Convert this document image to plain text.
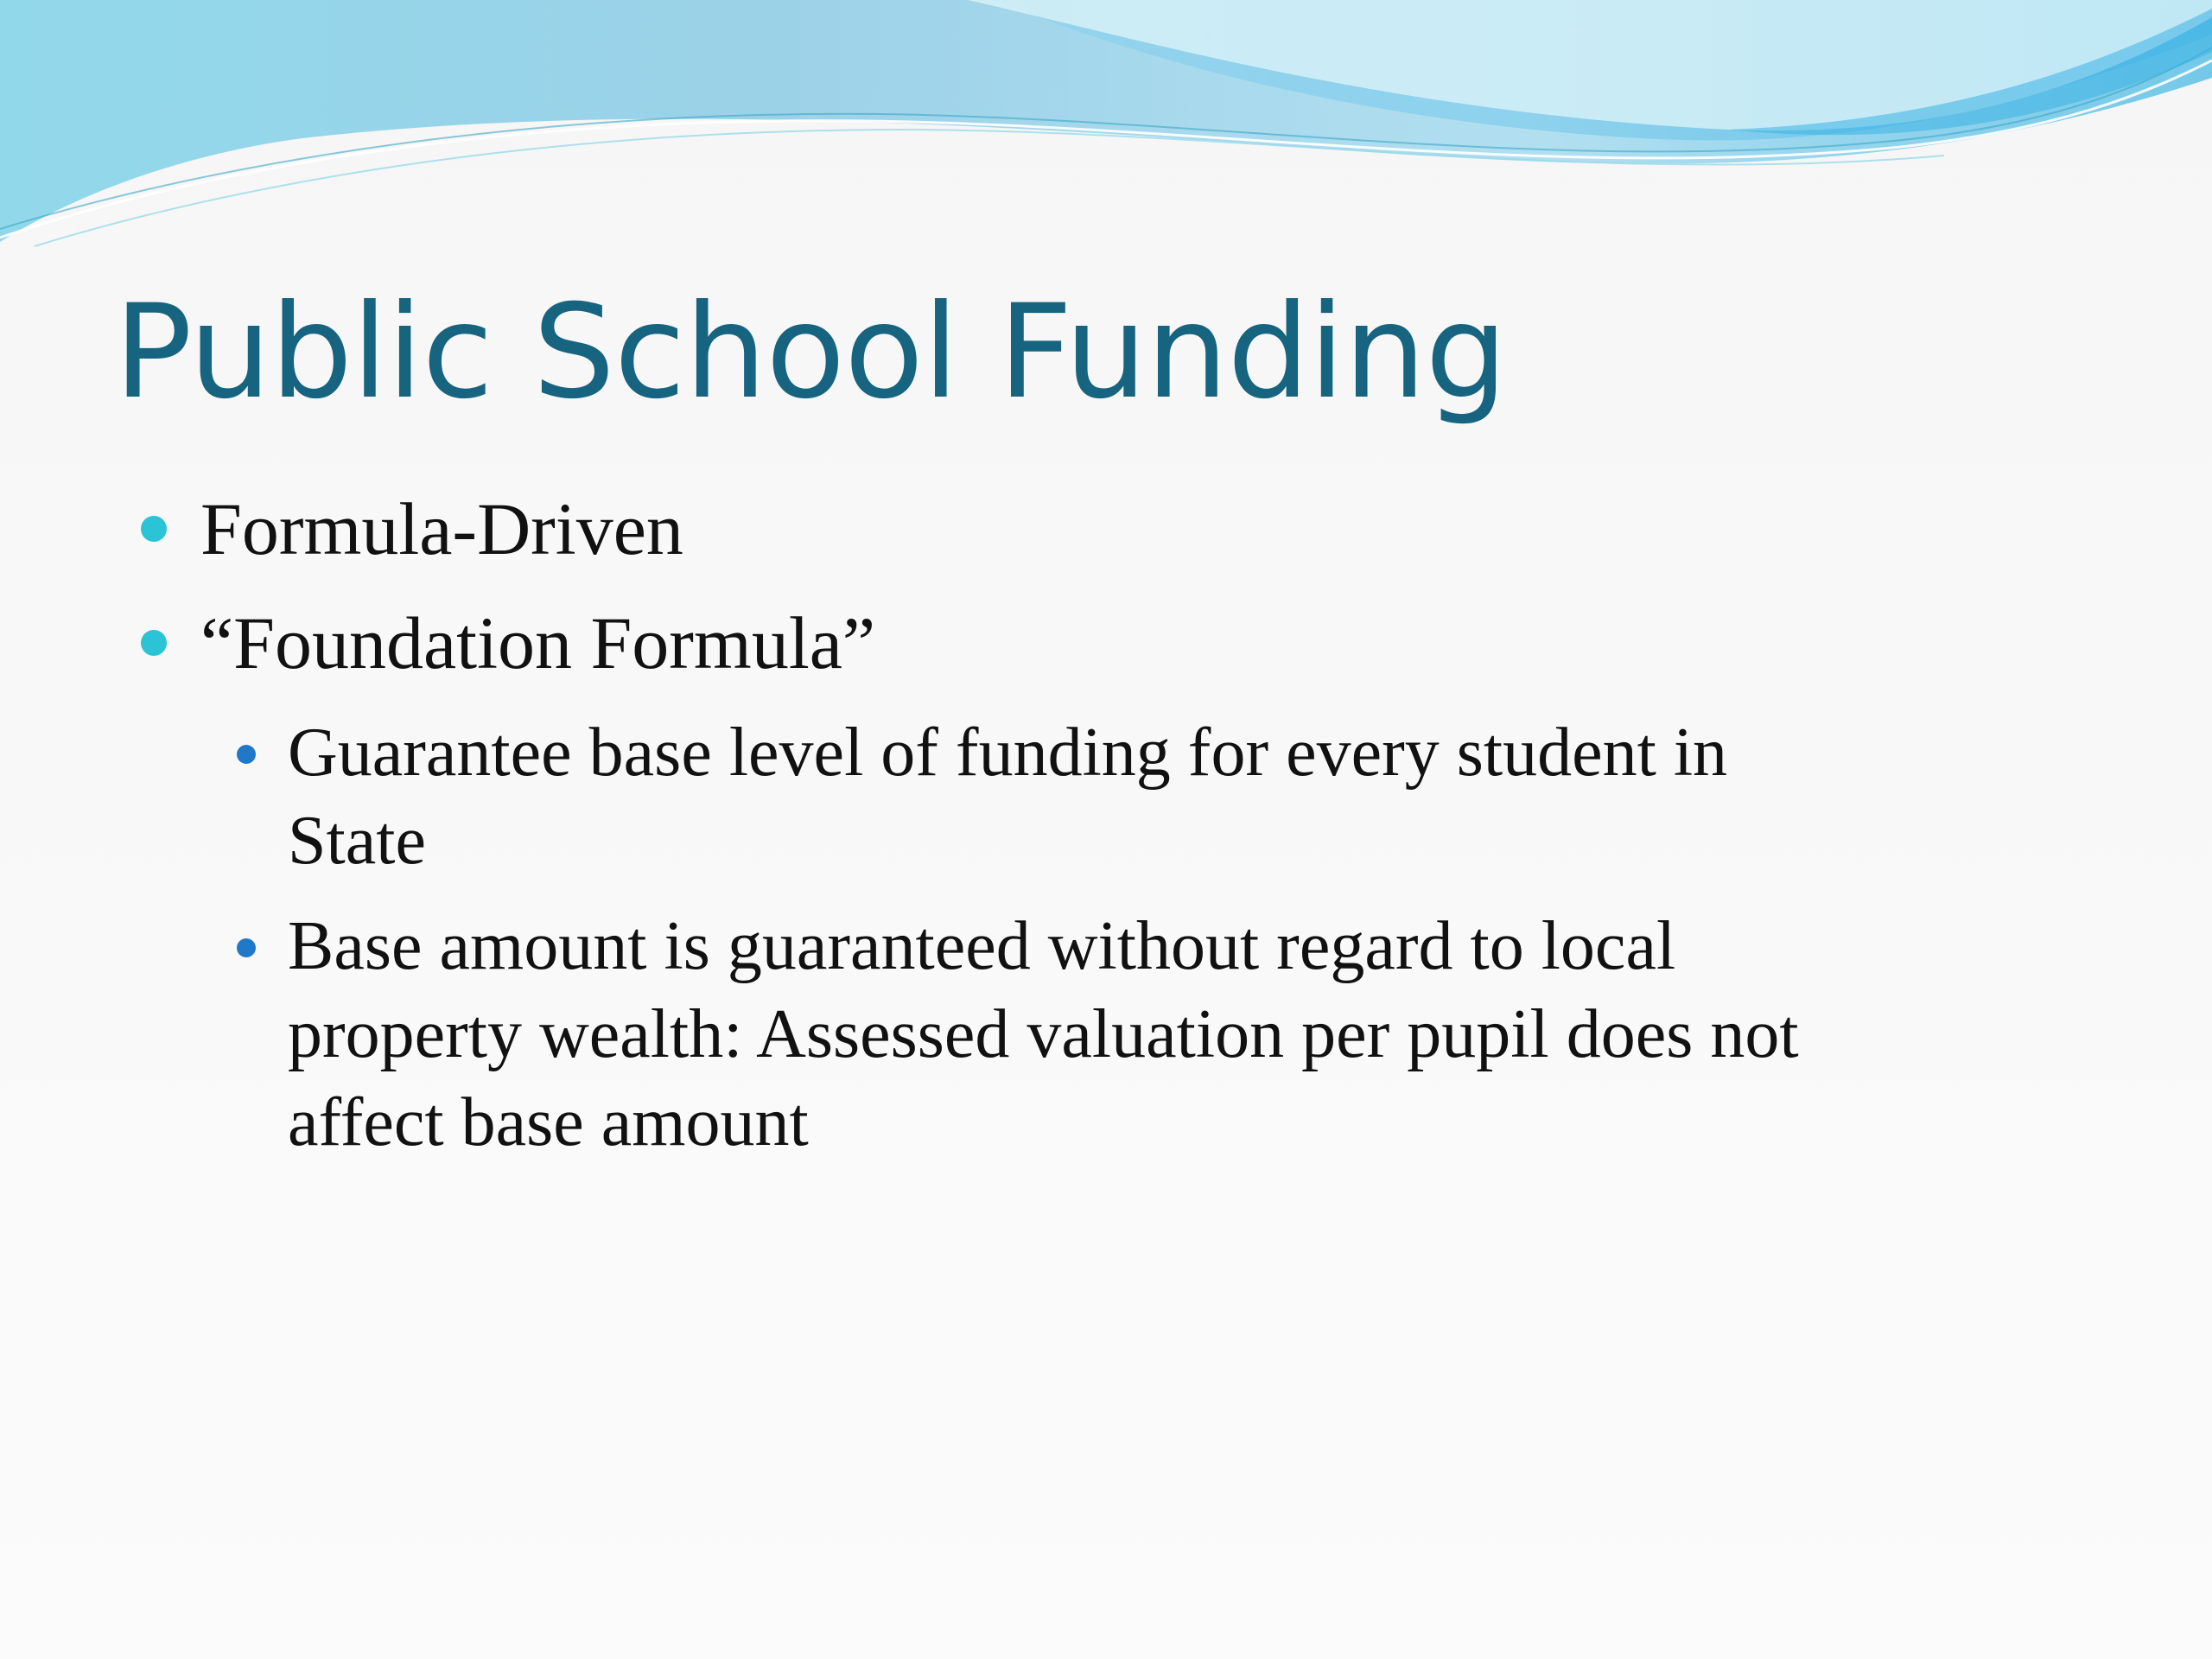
Public School Funding
Formula-Driven
“Foundation Formula”
Guarantee base level of funding for every student in
State
Base amount is guaranteed without regard to local
property wealth: Assessed valuation per pupil does not
affect base amount
